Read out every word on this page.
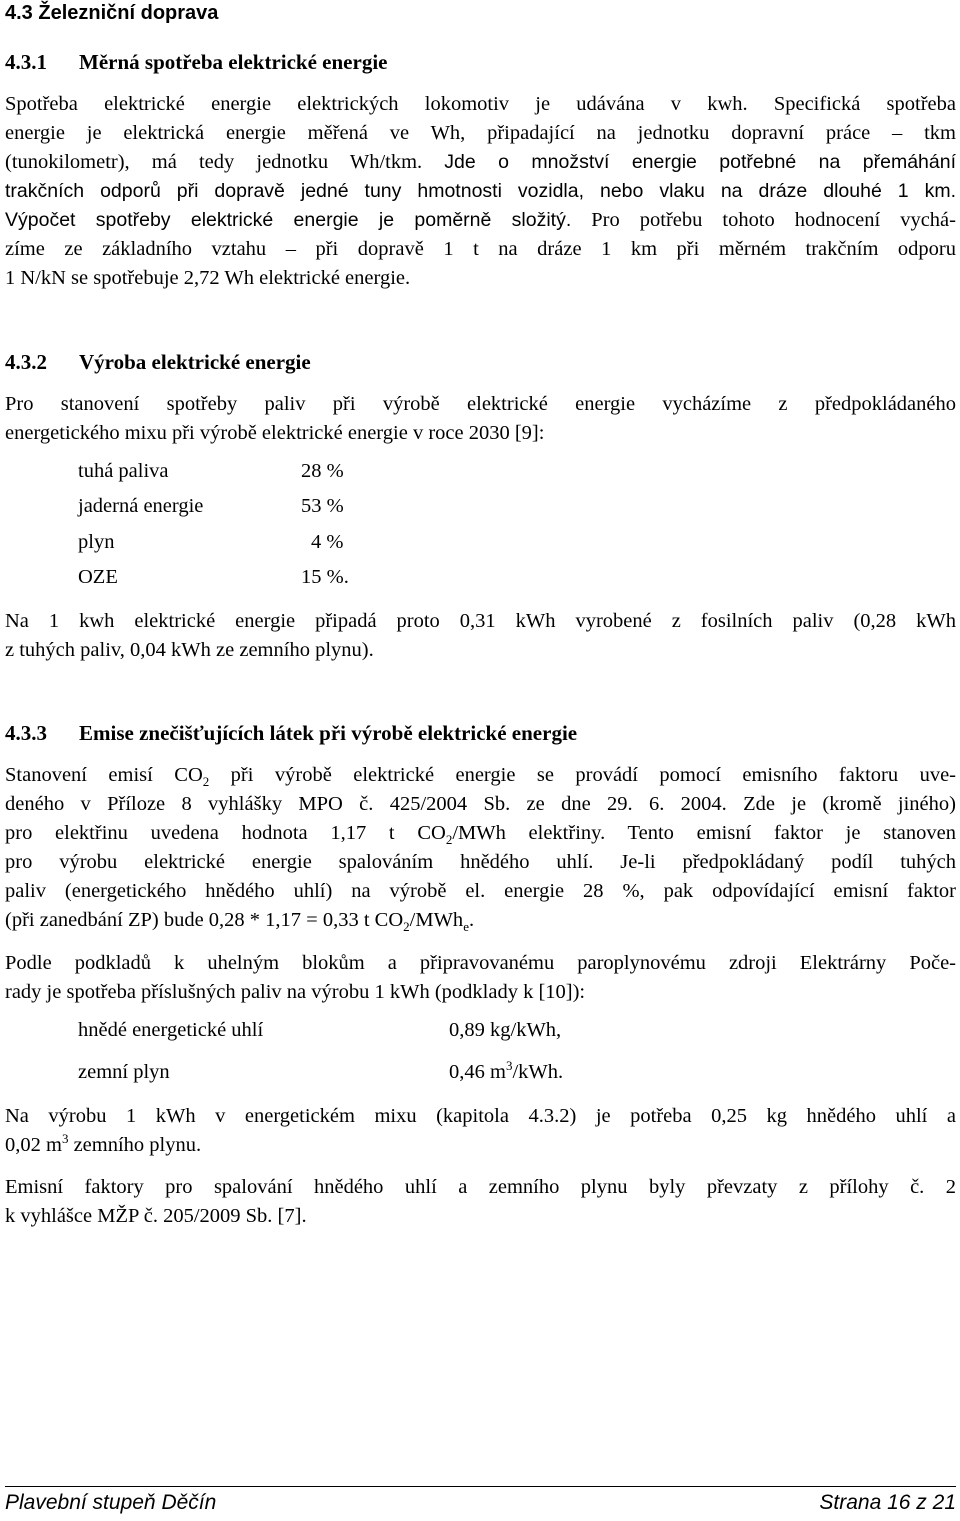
4.3 Železniční doprava
4.3.1 Měrná spotřeba elektrické energie
Spotřeba elektrické energie elektrických lokomotiv je udávána v kwh. Specifická spotřeba
energie je elektrická energie měřená ve Wh, připadající na jednotku dopravní práce – tkm
(tunokilometr), má tedy jednotku Wh/tkm. Jde o množství energie potřebné na přemáhání
trakčních odporů při dopravě jedné tuny hmotnosti vozidla, nebo vlaku na dráze dlouhé 1 km.
Výpočet spotřeby elektrické energie je poměrně složitý. Pro potřebu tohoto hodnocení vychá-
zíme ze základního vztahu – při dopravě 1 t na dráze 1 km při měrném trakčním odporu
1 N/kN se spotřebuje 2,72 Wh elektrické energie.
4.3.2 Výroba elektrické energie
Pro stanovení spotřeby paliv při výrobě elektrické energie vycházíme z předpokládaného
energetického mixu při výrobě elektrické energie v roce 2030 [9]:
tuhá paliva	28 %
jaderná energie	53 %
plyn	4 %
OZE	15 %.
Na 1 kwh elektrické energie připadá proto 0,31 kWh vyrobené z fosilních paliv (0,28 kWh
z tuhých paliv, 0,04 kWh ze zemního plynu).
4.3.3 Emise znečišťujících látek při výrobě elektrické energie
Stanovení emisí $CO_2$ při výrobě elektrické energie se provádí pomocí emisního faktoru uve-
deného v Příloze 8 vyhlášky MPO č. 425/2004 Sb. ze dne 29. 6. 2004. Zde je (kromě jiného)
pro elektřinu uvedena hodnota 1,17 t $CO_2$/MWh elektřiny. Tento emisní faktor je stanoven
pro výrobu elektrické energie spalováním hnědého uhlí. Je-li předpokládaný podíl tuhých
paliv (energetického hnědého uhlí) na výrobě el. energie 28 %, pak odpovídající emisní faktor
(při zanedbání ZP) bude 0,28 * 1,17 = 0,33 t $CO_2/MWh_e$.
Podle podkladů k uhelným blokům a připravovanému paroplynovému zdroji Elektrárny Poče-
rady je spotřeba příslušných paliv na výrobu 1 kWh (podklady k [10]):
hnědé energetické uhlí	0,89 kg/kWh,
zemní plyn	0,46 $m^3$/kWh.
Na výrobu 1 kWh v energetickém mixu (kapitola 4.3.2) je potřeba 0,25 kg hnědého uhlí a
0,02 $m^3$ zemního plynu.
Emisní faktory pro spalování hnědého uhlí a zemního plynu byly převzaty z přílohy č. 2
k vyhlášce MŽP č. 205/2009 Sb. [7].
Plavební stupeň Děčín	Strana 16 z 21
